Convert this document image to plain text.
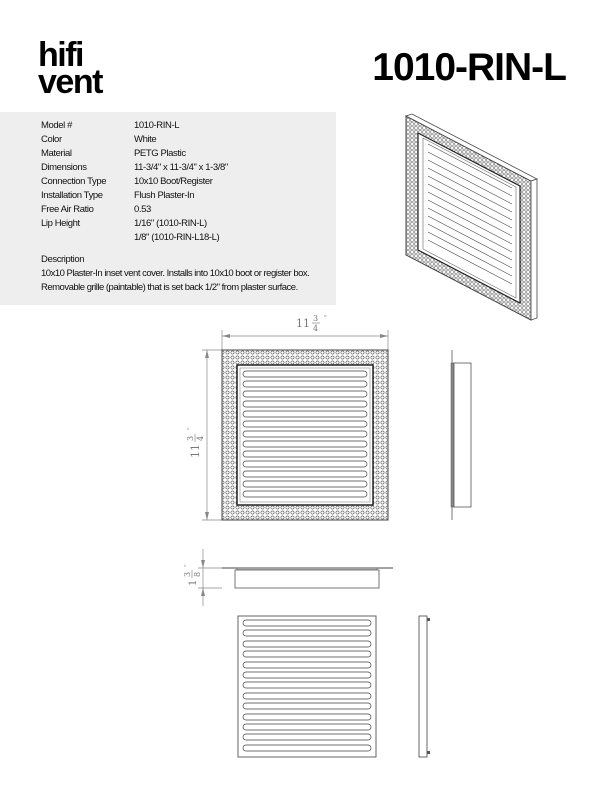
hifi
vent	1010-RIN-L
Model #	1010-RIN-L
Color	White
Material	PETG Plastic
Dimensions	11-3/4" x 11-3/4" x 1-3/8"
Connection Type	10x10 Boot/Register
Installation Type	Flush Plaster-In
Free Air Ratio	0.53
Lip Height	1/16" (1010-RIN-L)
1/8" (1010-RIN-L18-L)
Description
10x10 Plaster-In inset vent cover. Installs into 10x10 boot or register box.
Removable grille (paintable) that is set back 1/2" from plaster surface.
11 3
4
"
11
3 4
"
1
3 8
"
